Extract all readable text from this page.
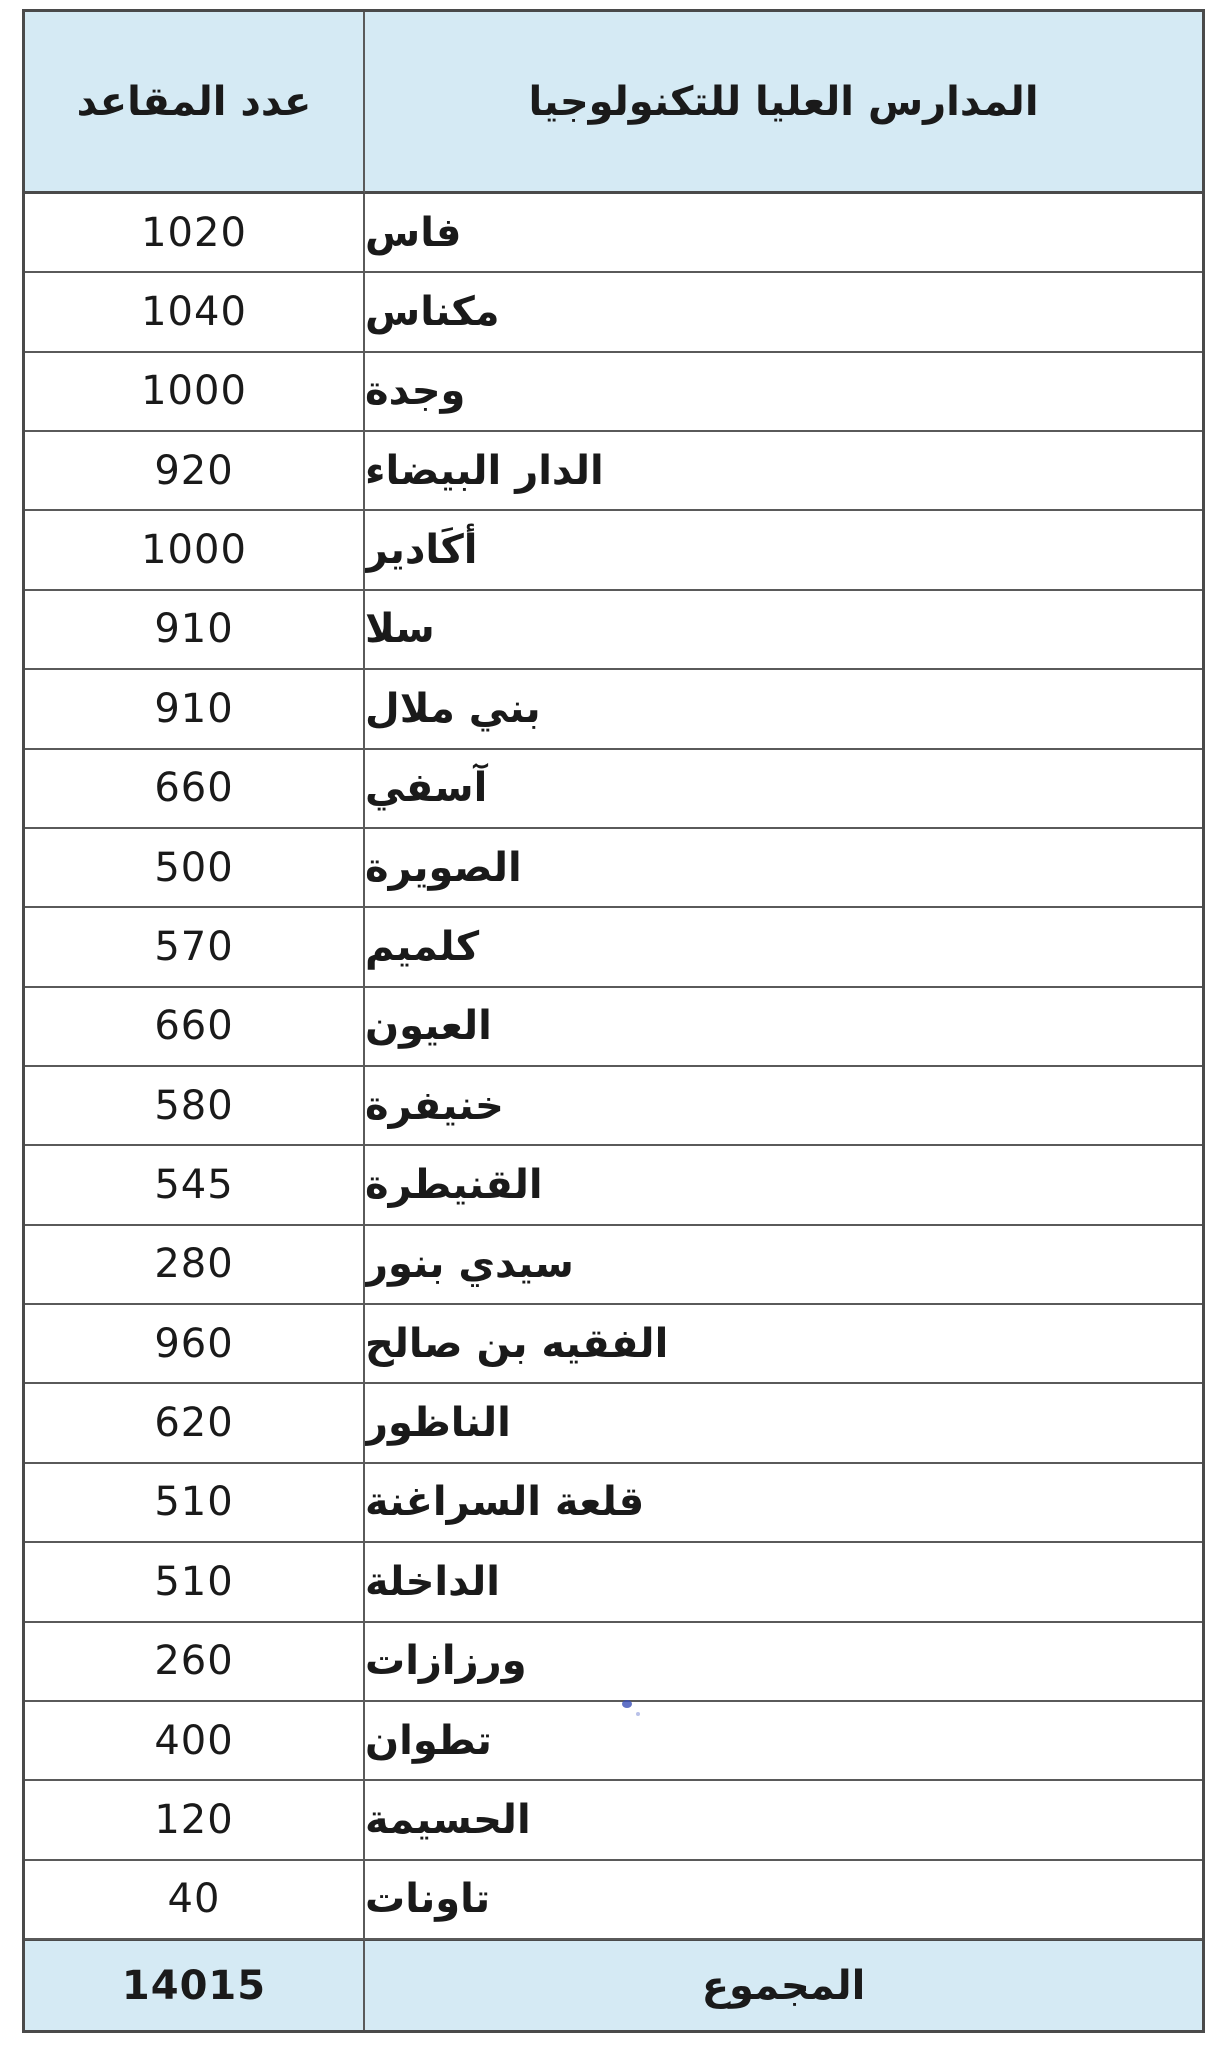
عدد المقاعد	المدارس العليا للتكنولوجيا
1020	فاس
1040	مكناس
1000	وجدة
920	الدار البيضاء
1000	أكَادير
910	سلا
910	بني ملال
660	آسفي
500	الصويرة
570	كلميم
660	العيون
580	خنيفرة
545	القنيطرة
280	سيدي بنور
960	الفقيه بن صالح
620	الناظور
510	قلعة السراغنة
510	الداخلة
260	ورزازات
400	تطوان
120	الحسيمة
40	تاونات
14015	المجموع
